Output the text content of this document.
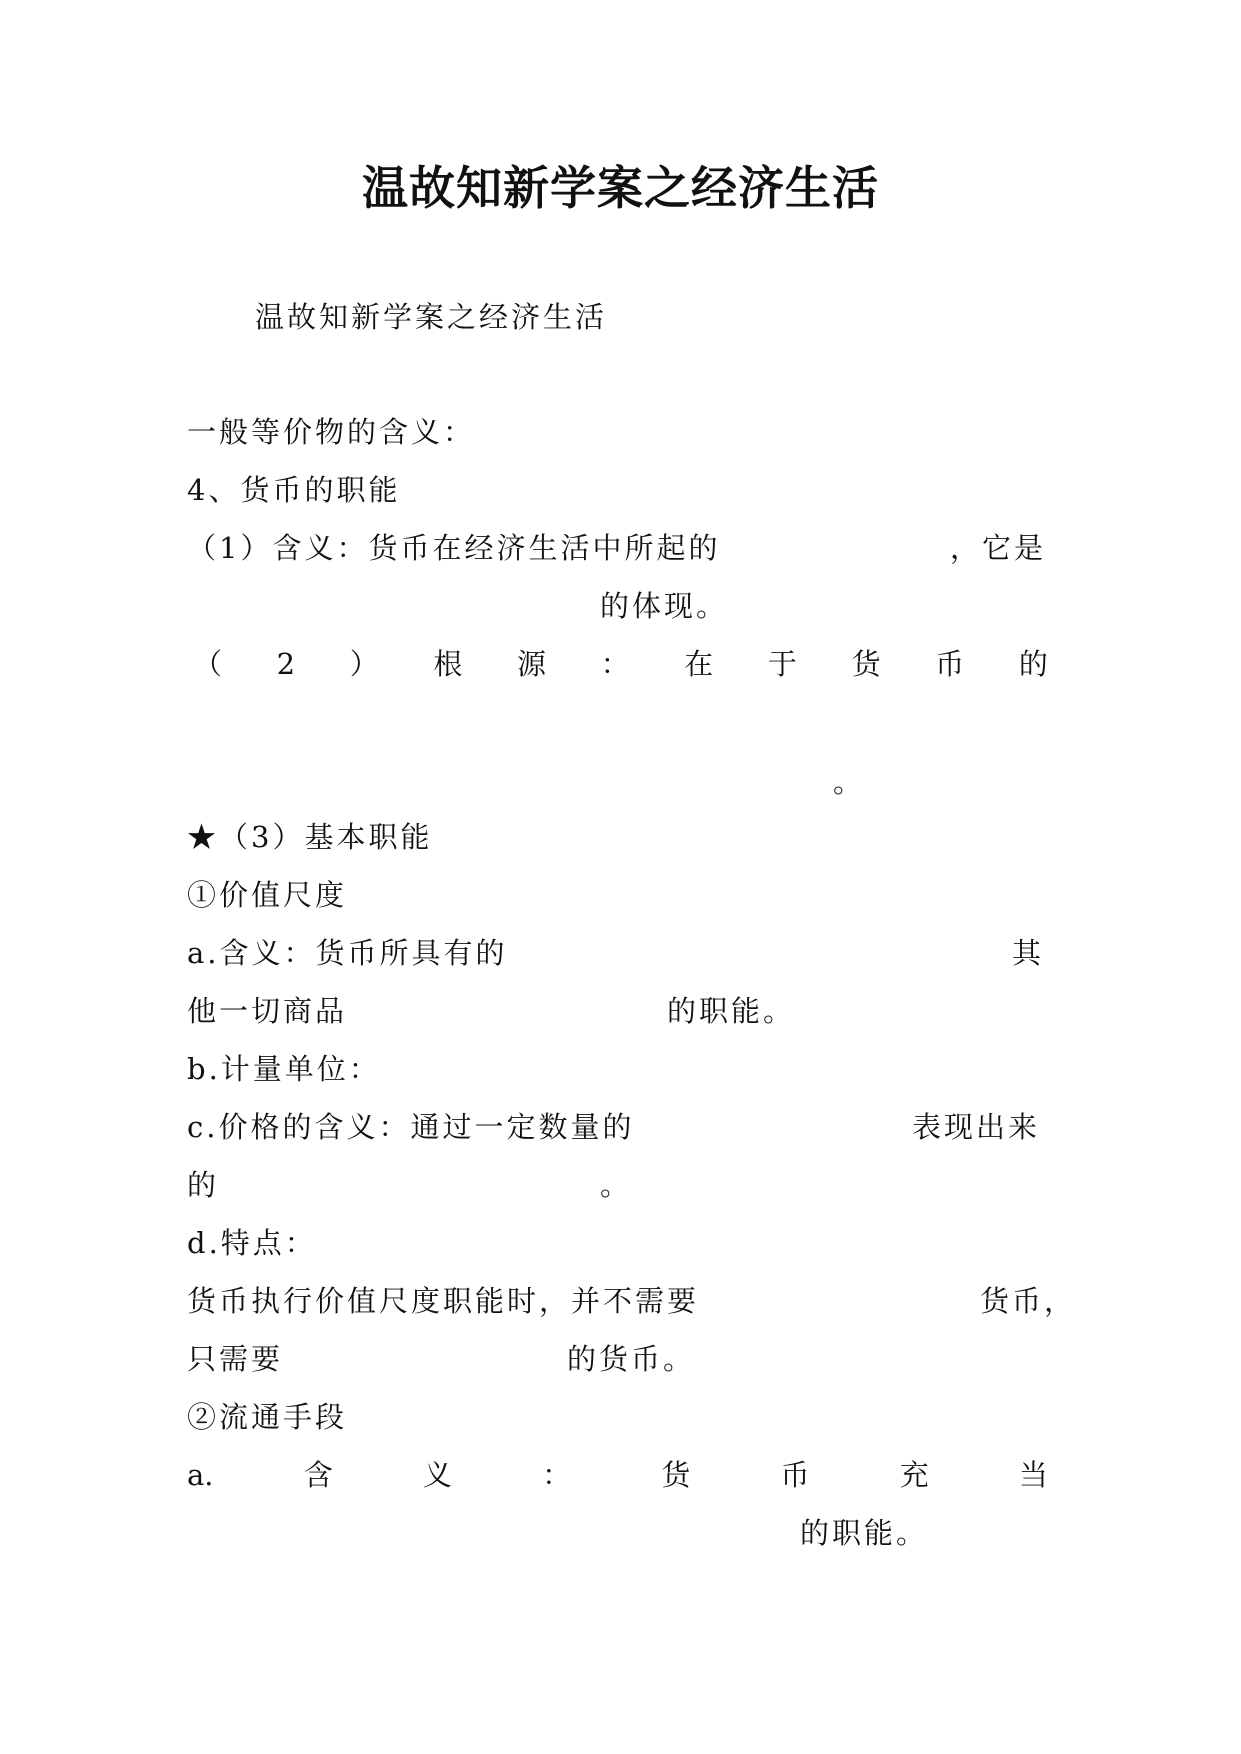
温故知新学案之经济生活
温故知新学案之经济生活
一般等价物的含义：
4、货币的职能
（1）含义：货币在经济生活中所起的	，它是
的体现。
（ 2 ） 根 源 ： 在 于 货 币 的
。
★（3）基本职能
①价值尺度
a.含义：货币所具有的	其
他一切商品	的职能。
b.计量单位：
c.价格的含义：通过一定数量的	表现出来
的	。
d.特点：
货币执行价值尺度职能时，并不需要	货币，
只需要	的货币。
②流通手段
a.	含	义	：	货	币	充	当
的职能。
